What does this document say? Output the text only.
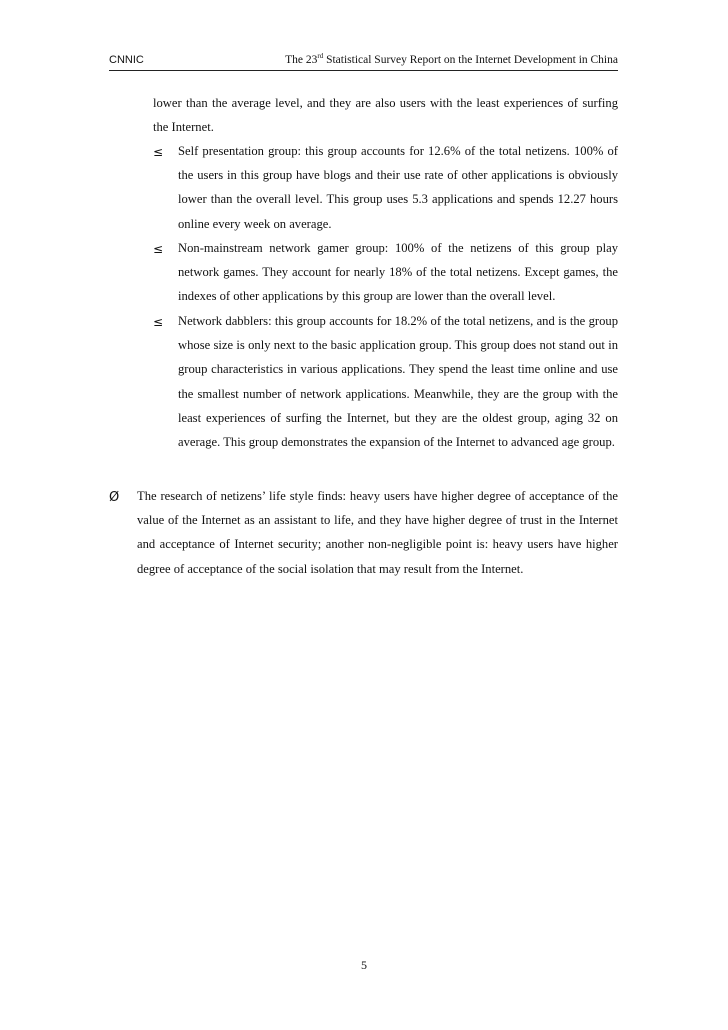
CNNIC	The 23rd Statistical Survey Report on the Internet Development in China

lower than the average level, and they are also users with the least experiences of surfing the Internet.

≤ Self presentation group: this group accounts for 12.6% of the total netizens. 100% of the users in this group have blogs and their use rate of other applications is obviously lower than the overall level. This group uses 5.3 applications and spends 12.27 hours online every week on average.

≤ Non-mainstream network gamer group: 100% of the netizens of this group play network games. They account for nearly 18% of the total netizens. Except games, the indexes of other applications by this group are lower than the overall level.

≤ Network dabblers: this group accounts for 18.2% of the total netizens, and is the group whose size is only next to the basic application group. This group does not stand out in group characteristics in various applications. They spend the least time online and use the smallest number of network applications. Meanwhile, they are the group with the least experiences of surfing the Internet, but they are the oldest group, aging 32 on average. This group demonstrates the expansion of the Internet to advanced age group.

Ø The research of netizens’ life style finds: heavy users have higher degree of acceptance of the value of the Internet as an assistant to life, and they have higher degree of trust in the Internet and acceptance of Internet security; another non-negligible point is: heavy users have higher degree of acceptance of the social isolation that may result from the Internet.

5
